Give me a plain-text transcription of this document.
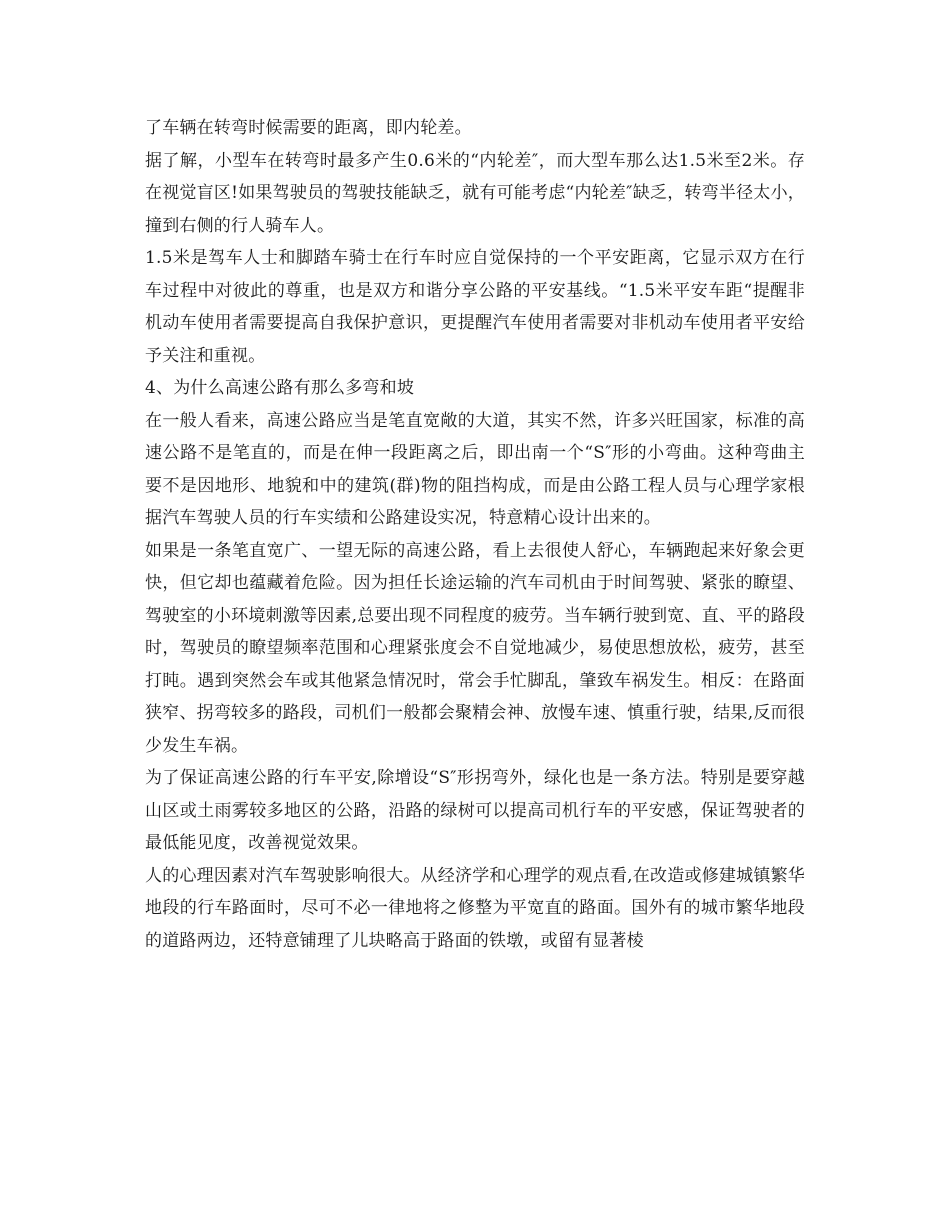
了车辆在转弯时候需要的距离，即内轮差。

据了解，小型车在转弯时最多产生0.6米的“内轮差″，而大型车那么达1.5米至2米。存在视觉盲区!如果驾驶员的驾驶技能缺乏，就有可能考虑“内轮差″缺乏，转弯半径太小，撞到右侧的行人骑车人。

1.5米是驾车人士和脚踏车骑士在行车时应自觉保持的一个平安距离，它显示双方在行车过程中对彼此的尊重，也是双方和谐分享公路的平安基线。“1.5米平安车距“提醒非机动车使用者需要提高自我保护意识，更提醒汽车使用者需要对非机动车使用者平安给予关注和重视。

4、为什么高速公路有那么多弯和坡

在一般人看来，高速公路应当是笔直宽敞的大道，其实不然，许多兴旺国家，标准的高速公路不是笔直的，而是在伸一段距离之后，即出南一个“S″形的小弯曲。这种弯曲主要不是因地形、地貌和中的建筑(群)物的阻挡构成，而是由公路工程人员与心理学家根据汽车驾驶人员的行车实绩和公路建设实况，特意精心设计出来的。

如果是一条笔直宽广、一望无际的高速公路，看上去很使人舒心，车辆跑起来好象会更快，但它却也蕴藏着危险。因为担任长途运输的汽车司机由于时间驾驶、紧张的瞭望、驾驶室的小环境刺激等因素,总要出现不同程度的疲劳。当车辆行驶到宽、直、平的路段时，驾驶员的瞭望频率范围和心理紧张度会不自觉地减少，易使思想放松，疲劳，甚至打盹。遇到突然会车或其他紧急情况时，常会手忙脚乱，肇致车祸发生。相反：在路面狭窄、拐弯较多的路段，司机们一般都会聚精会神、放慢车速、慎重行驶，结果,反而很少发生车祸。

为了保证高速公路的行车平安,除增设“S″形拐弯外，绿化也是一条方法。特别是要穿越山区或土雨雾较多地区的公路，沿路的绿树可以提高司机行车的平安感，保证驾驶者的最低能见度，改善视觉效果。

人的心理因素对汽车驾驶影响很大。从经济学和心理学的观点看,在改造或修建城镇繁华地段的行车路面时，尽可不必一律地将之修整为平宽直的路面。国外有的城市繁华地段的道路两边，还特意铺理了儿块略高于路面的铁墩，或留有显著棱
